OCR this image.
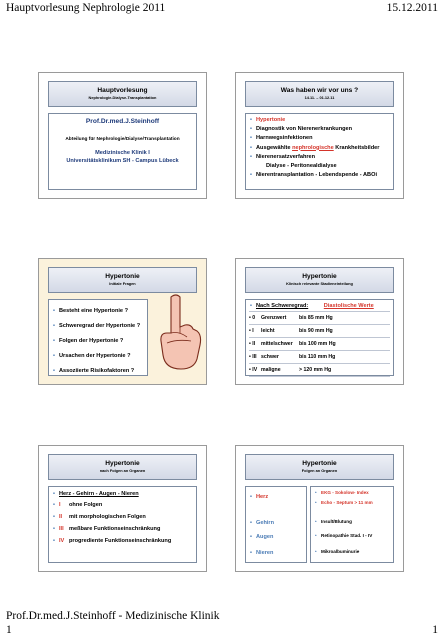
Hauptvorlesung Nephrologie 2011	15.12.2011
Hauptvorlesung
Nephrologie-Dialyse-Transplantation
Prof.Dr.med.J.Steinhoff
Abteilung für Nephrologie/Dialyse/Transplantation
Medizinische Klinik I
Universitätsklinikum SH - Campus Lübeck
Was haben wir vor uns ?
14.11. – 01.12.11
• Hypertonie
• Diagnostik von Nierenerkrankungen
• Harnwegsinfektionen
• Ausgewählte nephrologische Krankheitsbilder
• Nierenersatzverfahren
Dialyse - Peritonealdialyse
• Nierentransplantation - Lebendspende - ABOi
Hypertonie
Initiale Fragen
• Besteht eine Hypertonie ?
• Schweregrad der Hypertonie ?
• Folgen der Hypertonie ?
• Ursachen der Hypertonie ?
• Assoziierte Risikofaktoren ?
Hypertonie
Klinisch relevante Stadieneinteilung
• Nach Schweregrad:	Diastolische Werte
• 0	Grenzwert	bis 85 mm Hg
• I	leicht	bis 90 mm Hg
• II	mittelschwer	bis 100 mm Hg
• III schwer	bis 110 mm Hg
• IV maligne	> 120 mm Hg
Hypertonie
nach Folgen an Organen
• Herz - Gehirn - Augen - Nieren
• I ohne Folgen
• II mit morphologischen Folgen
• III meßbare Funktionseinschränkung
• IV progrediente Funktionseinschränkung
Hypertonie
Folgen an Organen
• Herz
• Gehirn
• Augen
• Nieren
• EKG - Sokolow- Index
• Echo - Septum > 11 mm
• Insult/Blutung
• Retinopathie Stad. I - IV
• Mikroalbuminurie
Prof.Dr.med.J.Steinhoff - Medizinische Klinik
1	1
